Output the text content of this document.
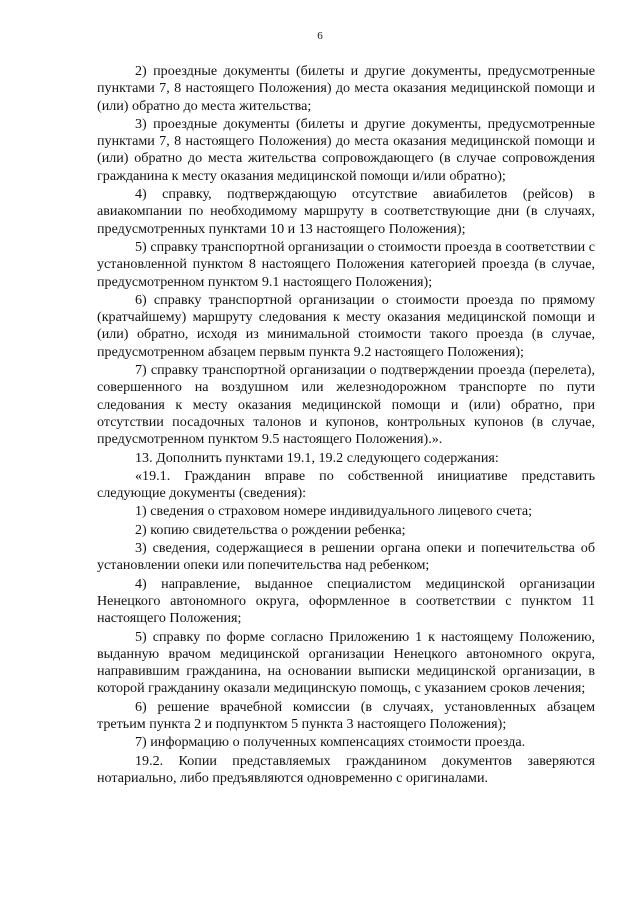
6

2) проездные документы (билеты и другие документы, предусмотренные пунктами 7, 8 настоящего Положения) до места оказания медицинской помощи и (или) обратно до места жительства;

3) проездные документы (билеты и другие документы, предусмотренные пунктами 7, 8 настоящего Положения) до места оказания медицинской помощи и (или) обратно до места жительства сопровождающего (в случае сопровождения гражданина к месту оказания медицинской помощи и/или обратно);

4) справку, подтверждающую отсутствие авиабилетов (рейсов) в авиакомпании по необходимому маршруту в соответствующие дни (в случаях, предусмотренных пунктами 10 и 13 настоящего Положения);

5) справку транспортной организации о стоимости проезда в соответствии с установленной пунктом 8 настоящего Положения категорией проезда (в случае, предусмотренном пунктом 9.1 настоящего Положения);

6) справку транспортной организации о стоимости проезда по прямому (кратчайшему) маршруту следования к месту оказания медицинской помощи и (или) обратно, исходя из минимальной стоимости такого проезда (в случае, предусмотренном абзацем первым пункта 9.2 настоящего Положения);

7) справку транспортной организации о подтверждении проезда (перелета), совершенного на воздушном или железнодорожном транспорте по пути следования к месту оказания медицинской помощи и (или) обратно, при отсутствии посадочных талонов и купонов, контрольных купонов (в случае, предусмотренном пунктом 9.5 настоящего Положения).».

13. Дополнить пунктами 19.1, 19.2 следующего содержания:

«19.1. Гражданин вправе по собственной инициативе представить следующие документы (сведения):

1) сведения о страховом номере индивидуального лицевого счета;

2) копию свидетельства о рождении ребенка;

3) сведения, содержащиеся в решении органа опеки и попечительства об установлении опеки или попечительства над ребенком;

4) направление, выданное специалистом медицинской организации Ненецкого автономного округа, оформленное в соответствии с пунктом 11 настоящего Положения;

5) справку по форме согласно Приложению 1 к настоящему Положению, выданную врачом медицинской организации Ненецкого автономного округа, направившим гражданина, на основании выписки медицинской организации, в которой гражданину оказали медицинскую помощь, с указанием сроков лечения;

6) решение врачебной комиссии (в случаях, установленных абзацем третьим пункта 2 и подпунктом 5 пункта 3 настоящего Положения);

7) информацию о полученных компенсациях стоимости проезда.

19.2. Копии представляемых гражданином документов заверяются нотариально, либо предъявляются одновременно с оригиналами.
